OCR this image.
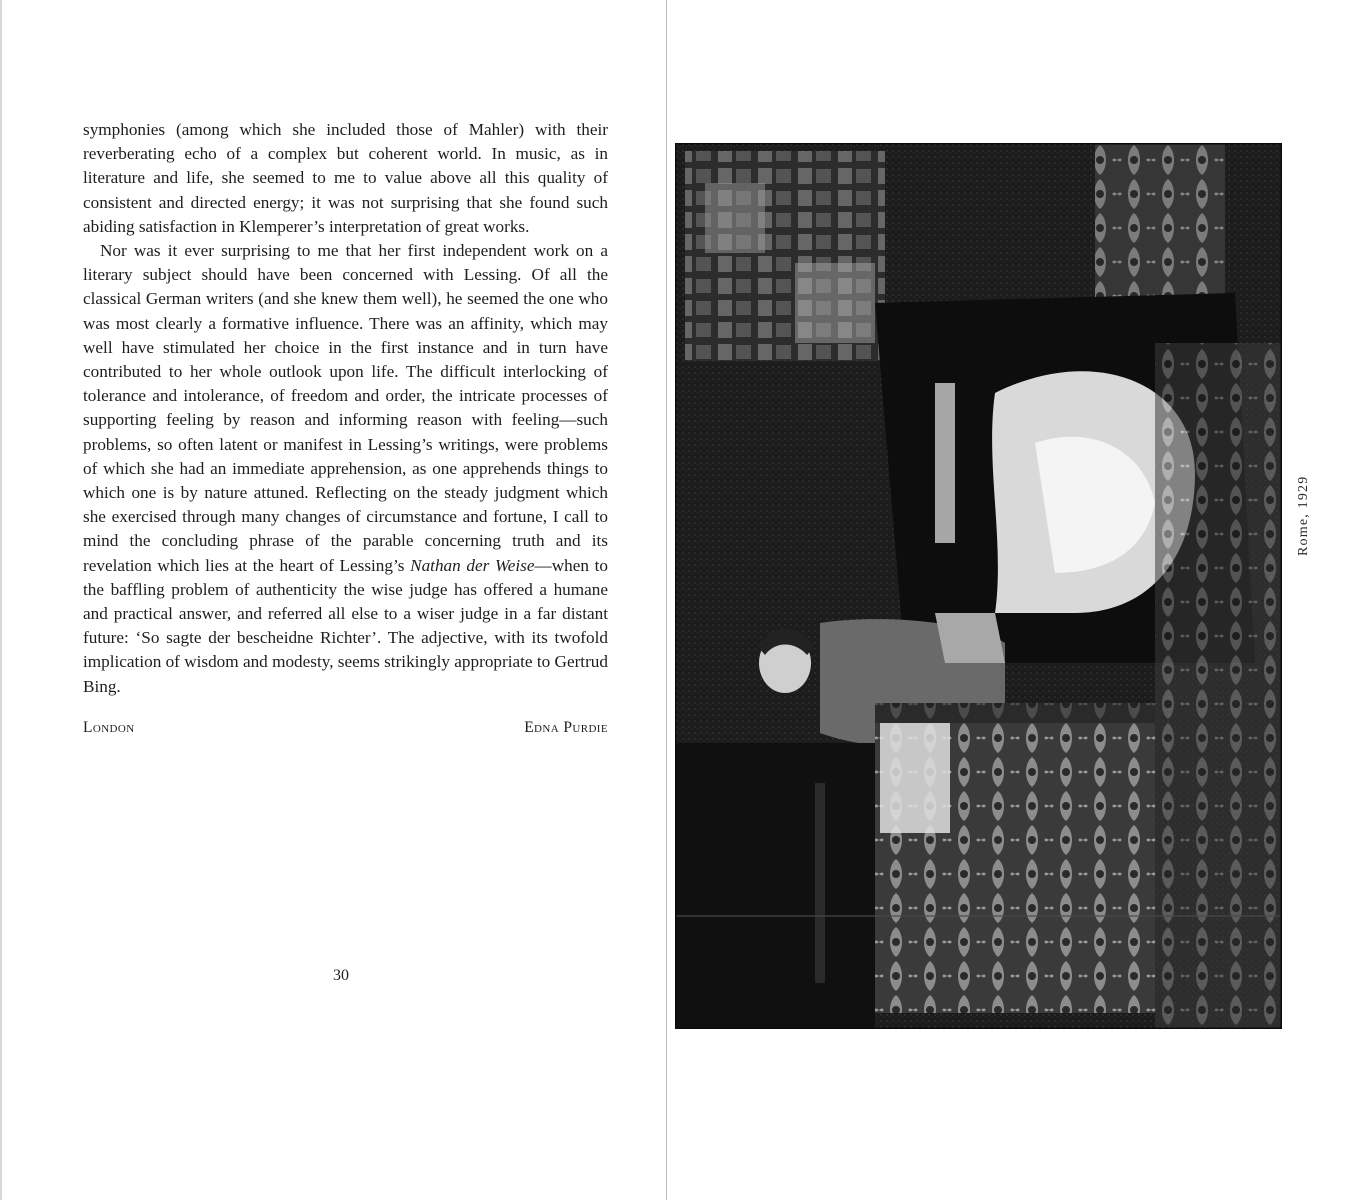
symphonies (among which she included those of Mahler) with their reverberating echo of a complex but coherent world. In music, as in literature and life, she seemed to me to value above all this quality of consistent and directed energy; it was not surprising that she found such abiding satisfaction in Klemperer’s interpretation of great works.

Nor was it ever surprising to me that her first independent work on a literary subject should have been concerned with Lessing. Of all the classical German writers (and she knew them well), he seemed the one who was most clearly a formative influence. There was an affinity, which may well have stimulated her choice in the first instance and in turn have contributed to her whole outlook upon life. The difficult interlocking of tolerance and intolerance, of freedom and order, the intricate processes of supporting feeling by reason and informing reason with feeling—such problems, so often latent or manifest in Lessing’s writings, were problems of which she had an immediate apprehension, as one apprehends things to which one is by nature attuned. Reflecting on the steady judgment which she exercised through many changes of circumstance and fortune, I call to mind the concluding phrase of the parable concerning truth and its revelation which lies at the heart of Lessing’s Nathan der Weise—when to the baffling problem of authenticity the wise judge has offered a humane and practical answer, and referred all else to a wiser judge in a far distant future: ‘So sagte der bescheidne Richter’. The adjective, with its twofold implication of wisdom and modesty, seems strikingly appropriate to Gertrud Bing.

London	Edna Purdie
30
Rome, 1929
